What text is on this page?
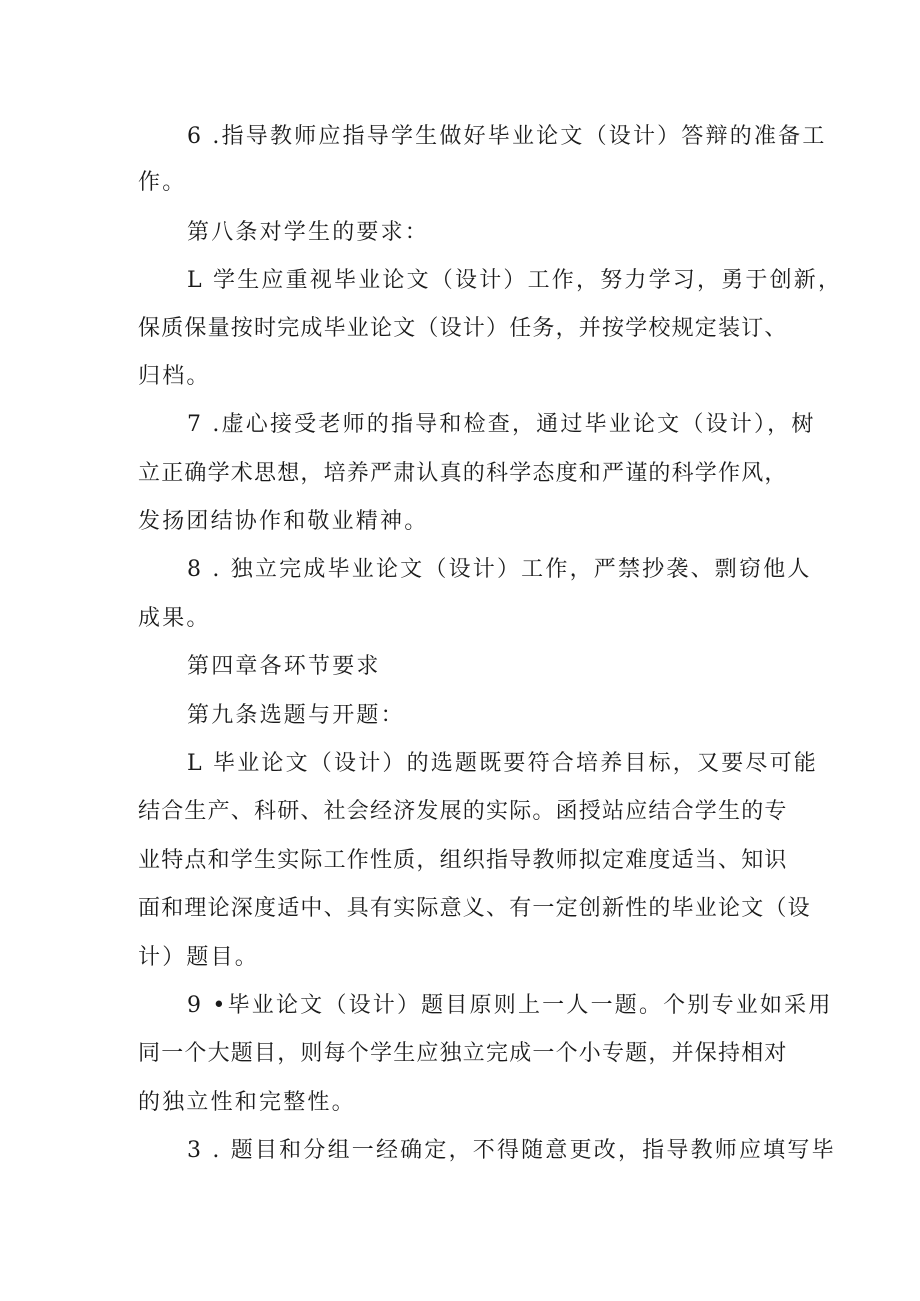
6 .指导教师应指导学生做好毕业论文（设计）答辩的准备工
作。
第八条对学生的要求：
L 学生应重视毕业论文（设计）工作，努力学习，勇于创新，
保质保量按时完成毕业论文（设计）任务，并按学校规定装订、
归档。
7 .虚心接受老师的指导和检查，通过毕业论文（设计），树
立正确学术思想，培养严肃认真的科学态度和严谨的科学作风，
发扬团结协作和敬业精神。
8 . 独立完成毕业论文（设计）工作，严禁抄袭、剽窃他人
成果。
第四章各环节要求
第九条选题与开题：
L 毕业论文（设计）的选题既要符合培养目标，又要尽可能
结合生产、科研、社会经济发展的实际。函授站应结合学生的专
业特点和学生实际工作性质，组织指导教师拟定难度适当、知识
面和理论深度适中、具有实际意义、有一定创新性的毕业论文（设
计）题目。
9 •毕业论文（设计）题目原则上一人一题。个别专业如采用
同一个大题目，则每个学生应独立完成一个小专题，并保持相对
的独立性和完整性。
3 . 题目和分组一经确定，不得随意更改，指导教师应填写毕
